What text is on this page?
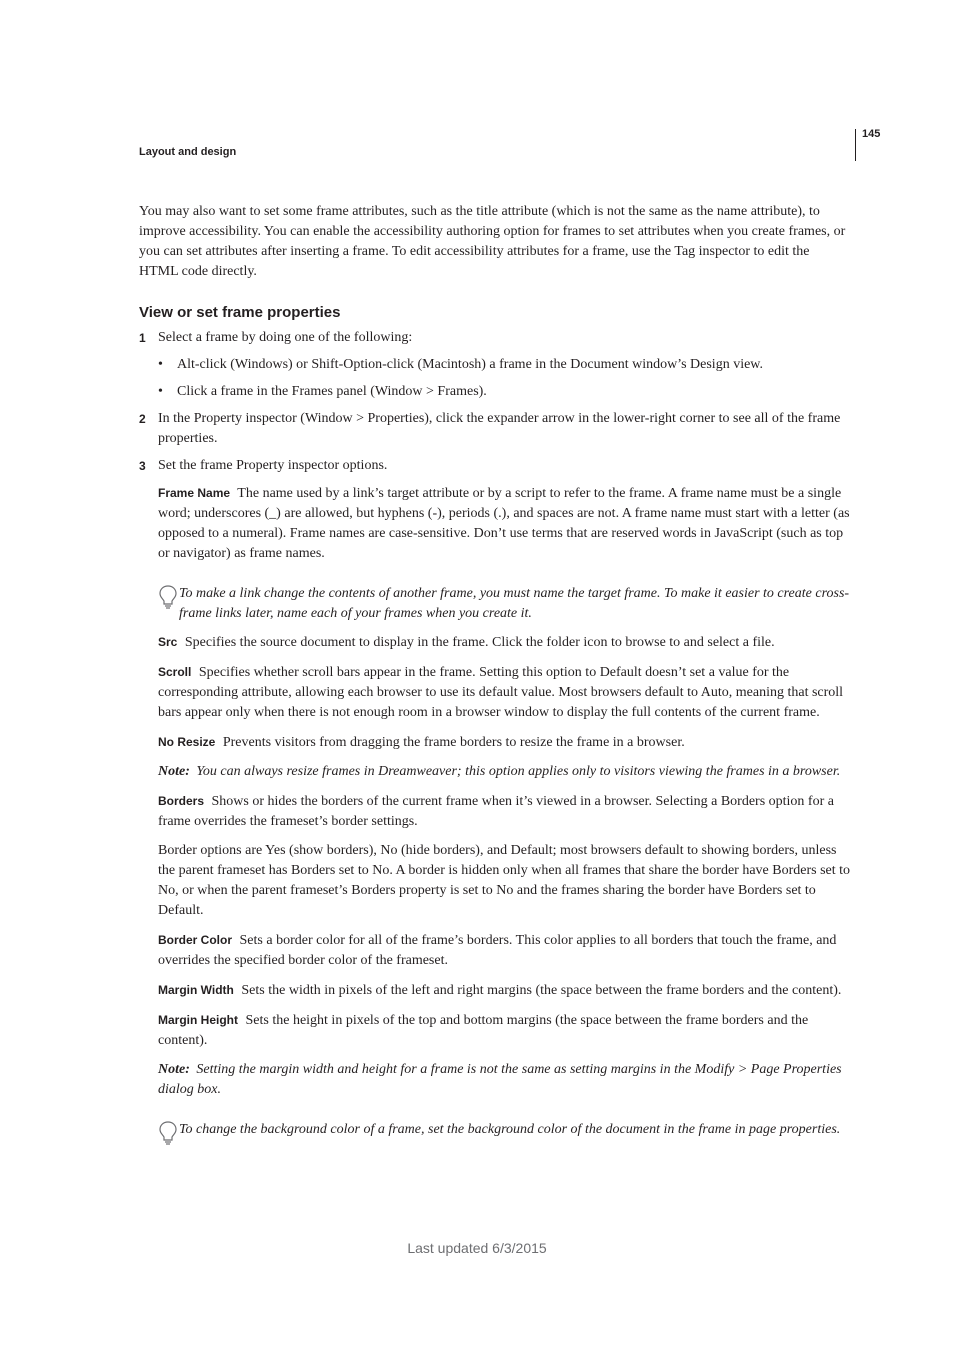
Layout and design
145

You may also want to set some frame attributes, such as the title attribute (which is not the same as the name attribute), to improve accessibility. You can enable the accessibility authoring option for frames to set attributes when you create frames, or you can set attributes after inserting a frame. To edit accessibility attributes for a frame, use the Tag inspector to edit the HTML code directly.

View or set frame properties
1 Select a frame by doing one of the following:
• Alt-click (Windows) or Shift-Option-click (Macintosh) a frame in the Document window’s Design view.
• Click a frame in the Frames panel (Window > Frames).
2 In the Property inspector (Window > Properties), click the expander arrow in the lower-right corner to see all of the frame properties.
3 Set the frame Property inspector options.

Frame Name The name used by a link’s target attribute or by a script to refer to the frame. A frame name must be a single word; underscores (_) are allowed, but hyphens (-), periods (.), and spaces are not. A frame name must start with a letter (as opposed to a numeral). Frame names are case-sensitive. Don’t use terms that are reserved words in JavaScript (such as top or navigator) as frame names.

To make a link change the contents of another frame, you must name the target frame. To make it easier to create cross-frame links later, name each of your frames when you create it.

Src Specifies the source document to display in the frame. Click the folder icon to browse to and select a file.

Scroll Specifies whether scroll bars appear in the frame. Setting this option to Default doesn’t set a value for the corresponding attribute, allowing each browser to use its default value. Most browsers default to Auto, meaning that scroll bars appear only when there is not enough room in a browser window to display the full contents of the current frame.

No Resize Prevents visitors from dragging the frame borders to resize the frame in a browser.

Note: You can always resize frames in Dreamweaver; this option applies only to visitors viewing the frames in a browser.

Borders Shows or hides the borders of the current frame when it’s viewed in a browser. Selecting a Borders option for a frame overrides the frameset’s border settings.

Border options are Yes (show borders), No (hide borders), and Default; most browsers default to showing borders, unless the parent frameset has Borders set to No. A border is hidden only when all frames that share the border have Borders set to No, or when the parent frameset’s Borders property is set to No and the frames sharing the border have Borders set to Default.

Border Color Sets a border color for all of the frame’s borders. This color applies to all borders that touch the frame, and overrides the specified border color of the frameset.

Margin Width Sets the width in pixels of the left and right margins (the space between the frame borders and the content).

Margin Height Sets the height in pixels of the top and bottom margins (the space between the frame borders and the content).

Note: Setting the margin width and height for a frame is not the same as setting margins in the Modify > Page Properties dialog box.

To change the background color of a frame, set the background color of the document in the frame in page properties.
Last updated 6/3/2015
